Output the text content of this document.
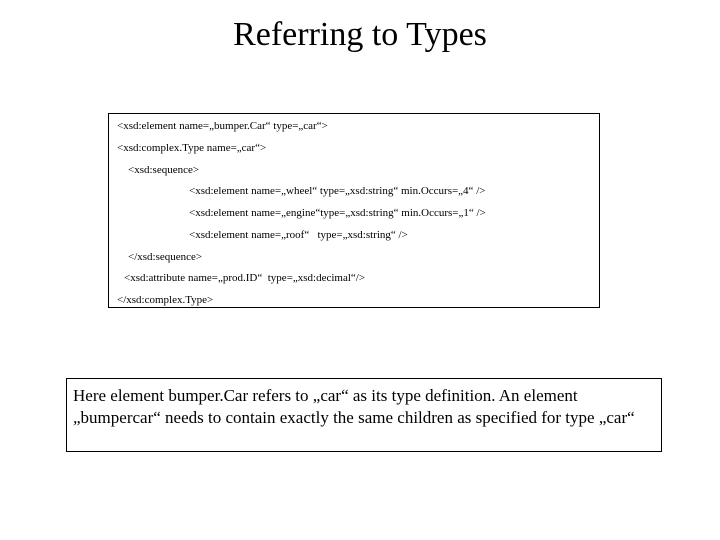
Referring to Types
<xsd:element name=„bumper.Car“ type=„car“>
<xsd:complex.Type name=„car“>
<xsd:sequence>
<xsd:element name=„wheel“ type=„xsd:string“ min.Occurs=„4“ />
<xsd:element name=„engine“type=„xsd:string“ min.Occurs=„1“ />
<xsd:element name=„roof“   type=„xsd:string“ />
</xsd:sequence>
<xsd:attribute name=„prod.ID“  type=„xsd:decimal“/>
</xsd:complex.Type>
Here element bumper.Car refers to „car“ as its type definition. An element „bumpercar“ needs to contain exactly the same children as specified for type „car“
